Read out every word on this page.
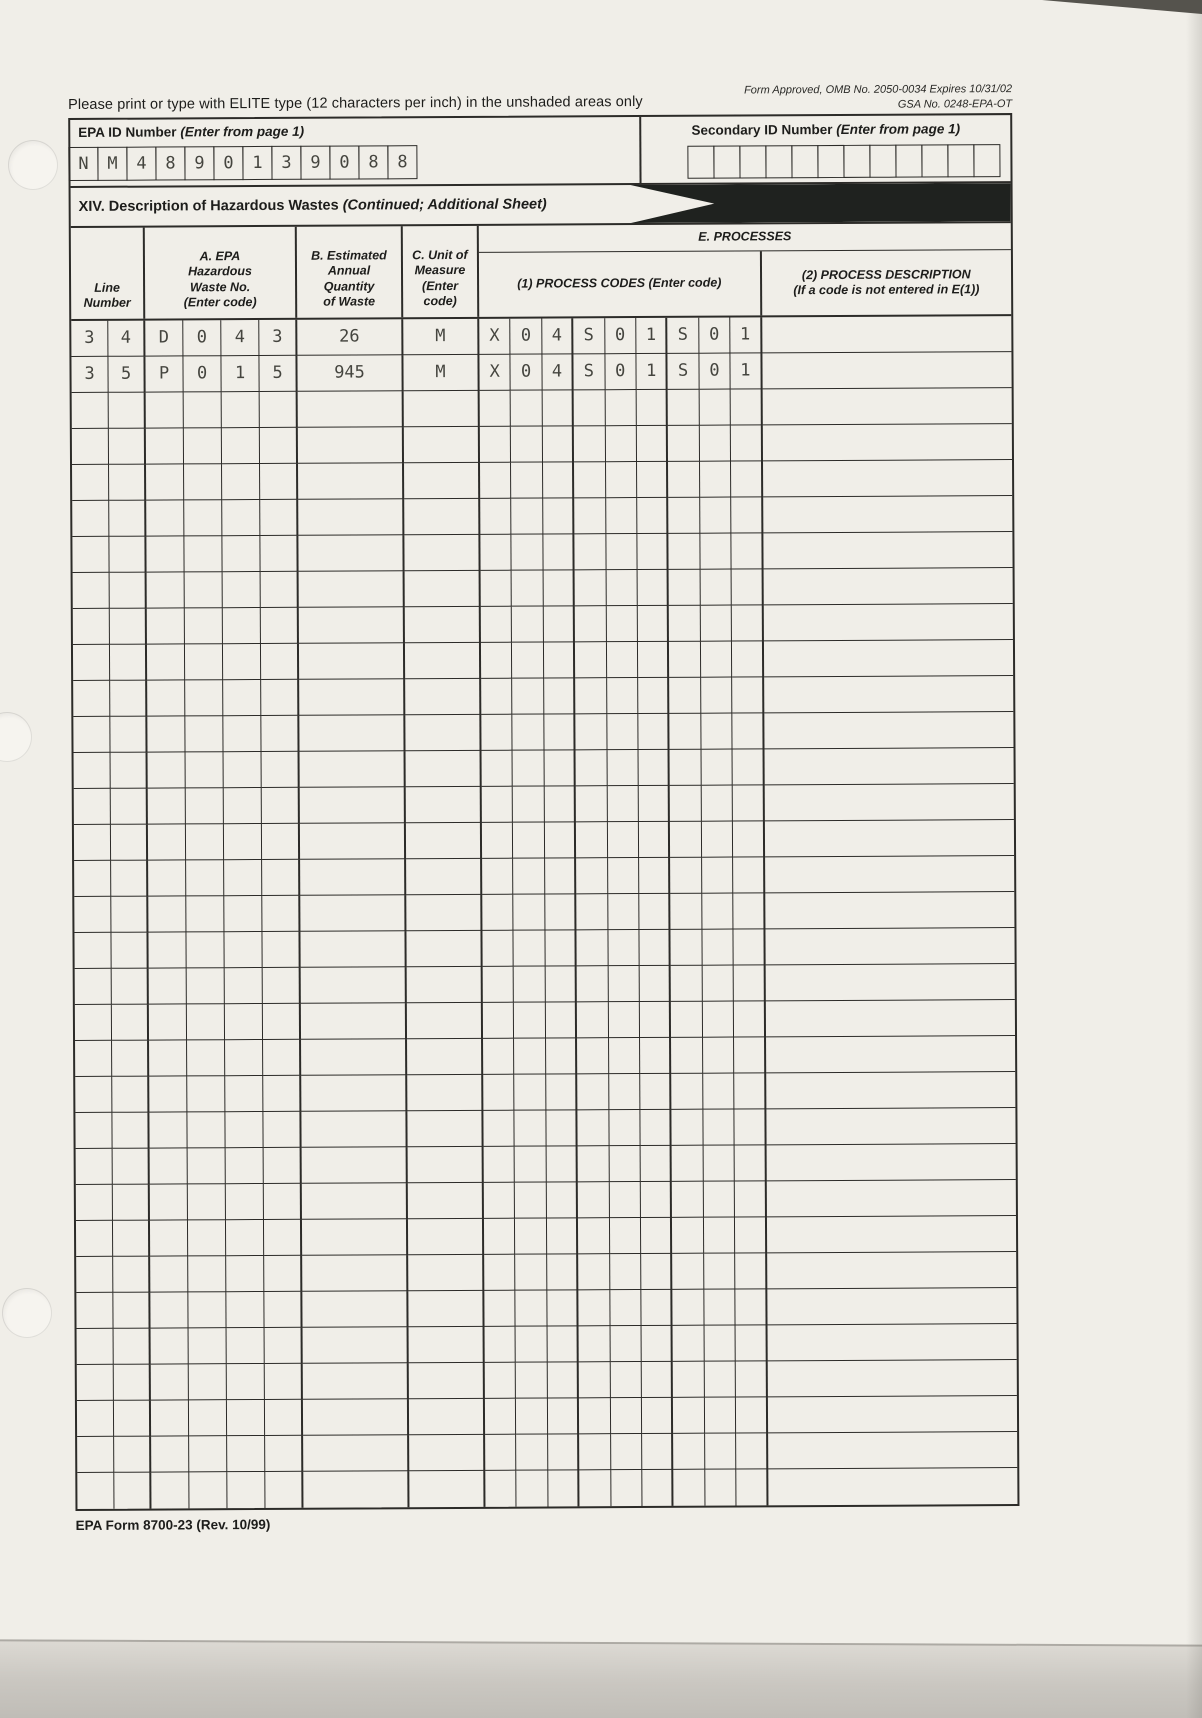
Please print or type with ELITE type (12 characters per inch) in the unshaded areas only
Form Approved, OMB No. 2050-0034 Expires 10/31/02
GSA No. 0248-EPA-OT
EPA ID Number (Enter from page 1)
N	M	4	8	9	0	1	3	9	0	8	8
Secondary ID Number (Enter from page 1)
XIV. Description of Hazardous Wastes (Continued; Additional Sheet)
Line
Number
A. EPA
Hazardous
Waste No.
(Enter code)
B. Estimated
Annual
Quantity
of Waste
C. Unit of
Measure
(Enter
code)
E. PROCESSES
(1) PROCESS CODES (Enter code)
(2) PROCESS DESCRIPTION
(If a code is not entered in E(1))
3	4	D	0	4	3	26	M	X	0	4	S	0	1	S	0	1
3	5	P	0	1	5	945	M	X	0	4	S	0	1	S	0	1
EPA Form 8700-23 (Rev. 10/99)
